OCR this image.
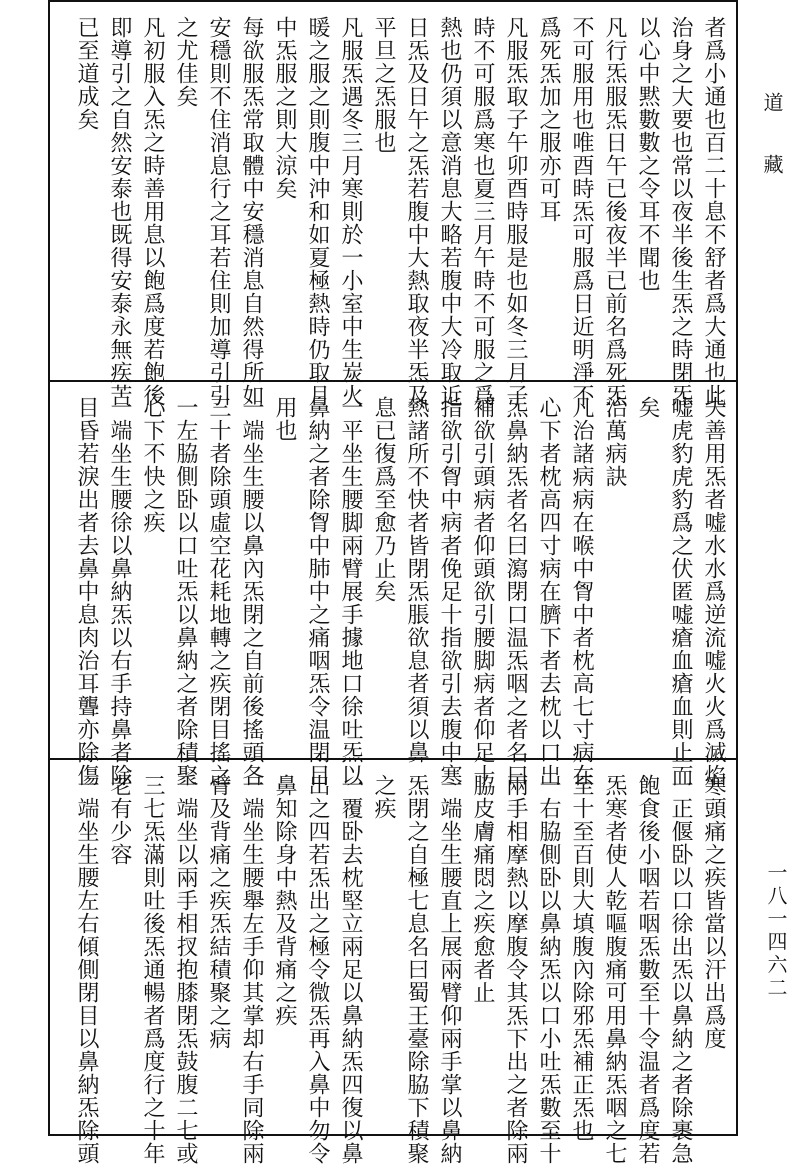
道藏
一八一四六二
者爲小通也百二十息不舒者爲大通也此
治身之大要也常以夜半後生炁之時閉炁
以心中黙數數之令耳不聞也
凡行炁服炁日午已後夜半已前名爲死炁
不可服用也唯酉時炁可服爲日近明淨不
爲死炁加之服亦可耳
凡服炁取子午卯酉時服是也如冬三月子
時不可服爲寒也夏三月午時不可服之爲
熱也仍須以意消息大略若腹中大冷取近
日炁及日午之炁若腹中大熱取夜半炁及
平旦之炁服也
凡服炁遇冬三月寒則於一小室中生炭火
暖之服之則腹中沖和如夏極熱時仍取月
中炁服之則大涼矣
每欲服炁常取體中安穩消息自然得所如
安穩則不住消息行之耳若住則加導引引
之尤佳矣
凡初服入炁之時善用息以飽爲度若飽後
即導引之自然安泰也既得安泰永無疾苦
已至道成矣
夫善用炁者嘘水水爲逆流嘘火火爲滅焰
嘘虎豹虎豹爲之伏匿嘘瘡血瘡血則止而
矣
治萬病訣
凡治諸病病在喉中胷中者枕高七寸病在
心下者枕高四寸病在臍下者去枕以口出
炁鼻納炁者名曰瀉閉口温炁咽之者名曰
補欲引頭病者仰頭欲引腰脚病者仰足十
指欲引胷中病者俛足十指欲引去腹中寒
熱諸所不快者皆閉炁脹欲息者須以鼻
息已復爲至愈乃止矣
一平坐生腰脚兩臂展手據地口徐吐炁以
鼻納之者除胷中肺中之痛咽炁令温閉目
用也
一端坐生腰以鼻內炁閉之自前後搖頭各
三十者除頭虛空花耗地轉之疾閉目搖之
一左脇側卧以口吐炁以鼻納之者除積聚
心下不快之疾
一端坐生腰徐以鼻納炁以右手持鼻者除
目昏若淚出者去鼻中息肉治耳聾亦除傷
寒頭痛之疾皆當以汗出爲度
一正偃卧以口徐出炁以鼻納之者除裹急
飽食後小咽若咽炁數至十令温者爲度若
炁寒者使人乾嘔腹痛可用鼻納炁咽之七
至十至百則大填腹內除邪炁補正炁也
一右脇側卧以鼻納炁以口小吐炁數至十
兩手相摩熱以摩腹令其炁下出之者除兩
脇皮膚痛悶之疾愈者止
一端坐生腰直上展兩臂仰兩手掌以鼻納
炁閉之自極七息名曰蜀王臺除脇下積聚
之疾
一覆卧去枕堅立兩足以鼻納炁四復以鼻
出之四若炁出之極令微炁再入鼻中勿令
鼻知除身中熱及背痛之疾
一端坐生腰舉左手仰其掌却右手同除兩
臂及背痛之疾炁結積聚之病
一端坐以兩手相扠抱膝閉炁鼓腹二七或
三七炁滿則吐後炁通暢者爲度行之十年
老有少容
一端坐生腰左右傾側閉目以鼻納炁除頭
